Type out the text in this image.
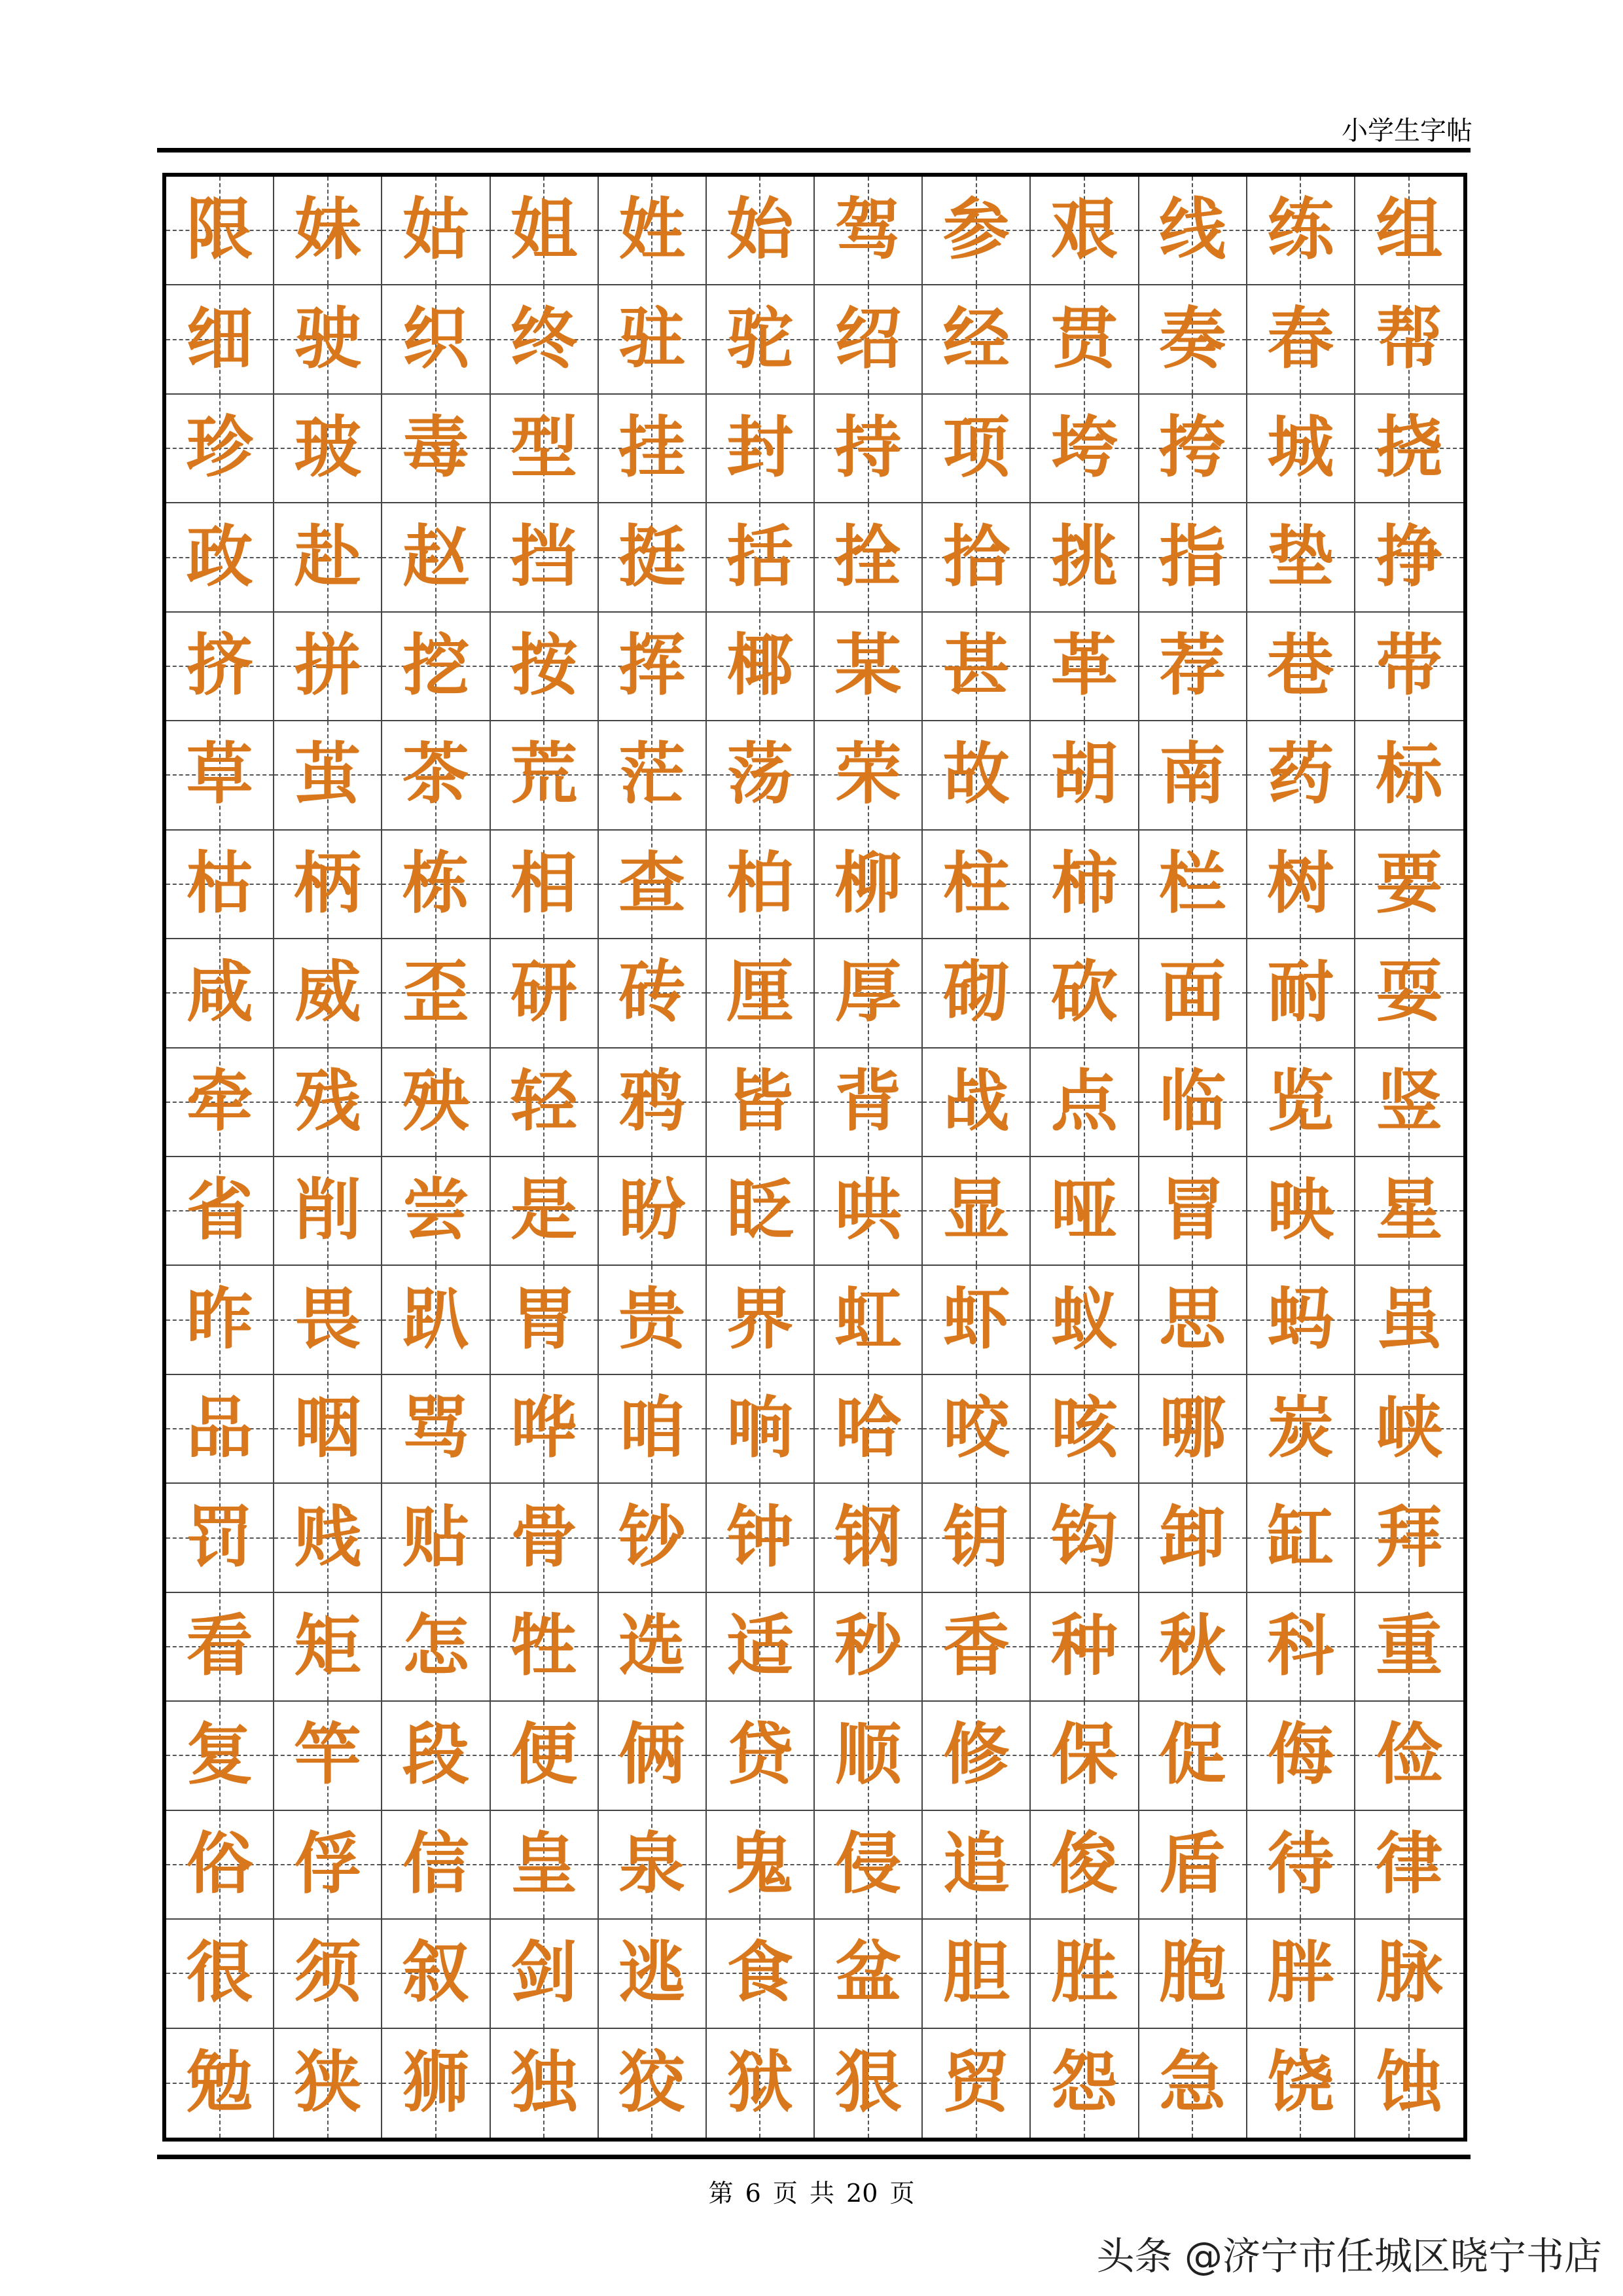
小学生字帖
限 妹 姑 姐 姓 始 驾 参 艰 线 练 组
细 驶 织 终 驻 驼 绍 经 贯 奏 春 帮
珍 玻 毒 型 挂 封 持 项 垮 挎 城 挠
政 赴 赵 挡 挺 括 拴 拾 挑 指 垫 挣
挤 拼 挖 按 挥 椰 某 甚 革 荐 巷 带
草 茧 茶 荒 茫 荡 荣 故 胡 南 药 标
枯 柄 栋 相 查 柏 柳 柱 柿 栏 树 要
咸 威 歪 研 砖 厘 厚 砌 砍 面 耐 耍
牵 残 殃 轻 鸦 皆 背 战 点 临 览 竖
省 削 尝 是 盼 眨 哄 显 哑 冒 映 星
昨 畏 趴 胃 贵 界 虹 虾 蚁 思 蚂 虽
品 咽 骂 哗 咱 响 哈 咬 咳 哪 炭 峡
罚 贱 贴 骨 钞 钟 钢 钥 钩 卸 缸 拜
看 矩 怎 牲 选 适 秒 香 种 秋 科 重
复 竿 段 便 俩 贷 顺 修 保 促 侮 俭
俗 俘 信 皇 泉 鬼 侵 追 俊 盾 待 律
很 须 叙 剑 逃 食 盆 胆 胜 胞 胖 脉
勉 狭 狮 独 狡 狱 狠 贸 怨 急 饶 蚀
第 6 页 共 20 页
头条 @济宁市任城区晓宁书店
